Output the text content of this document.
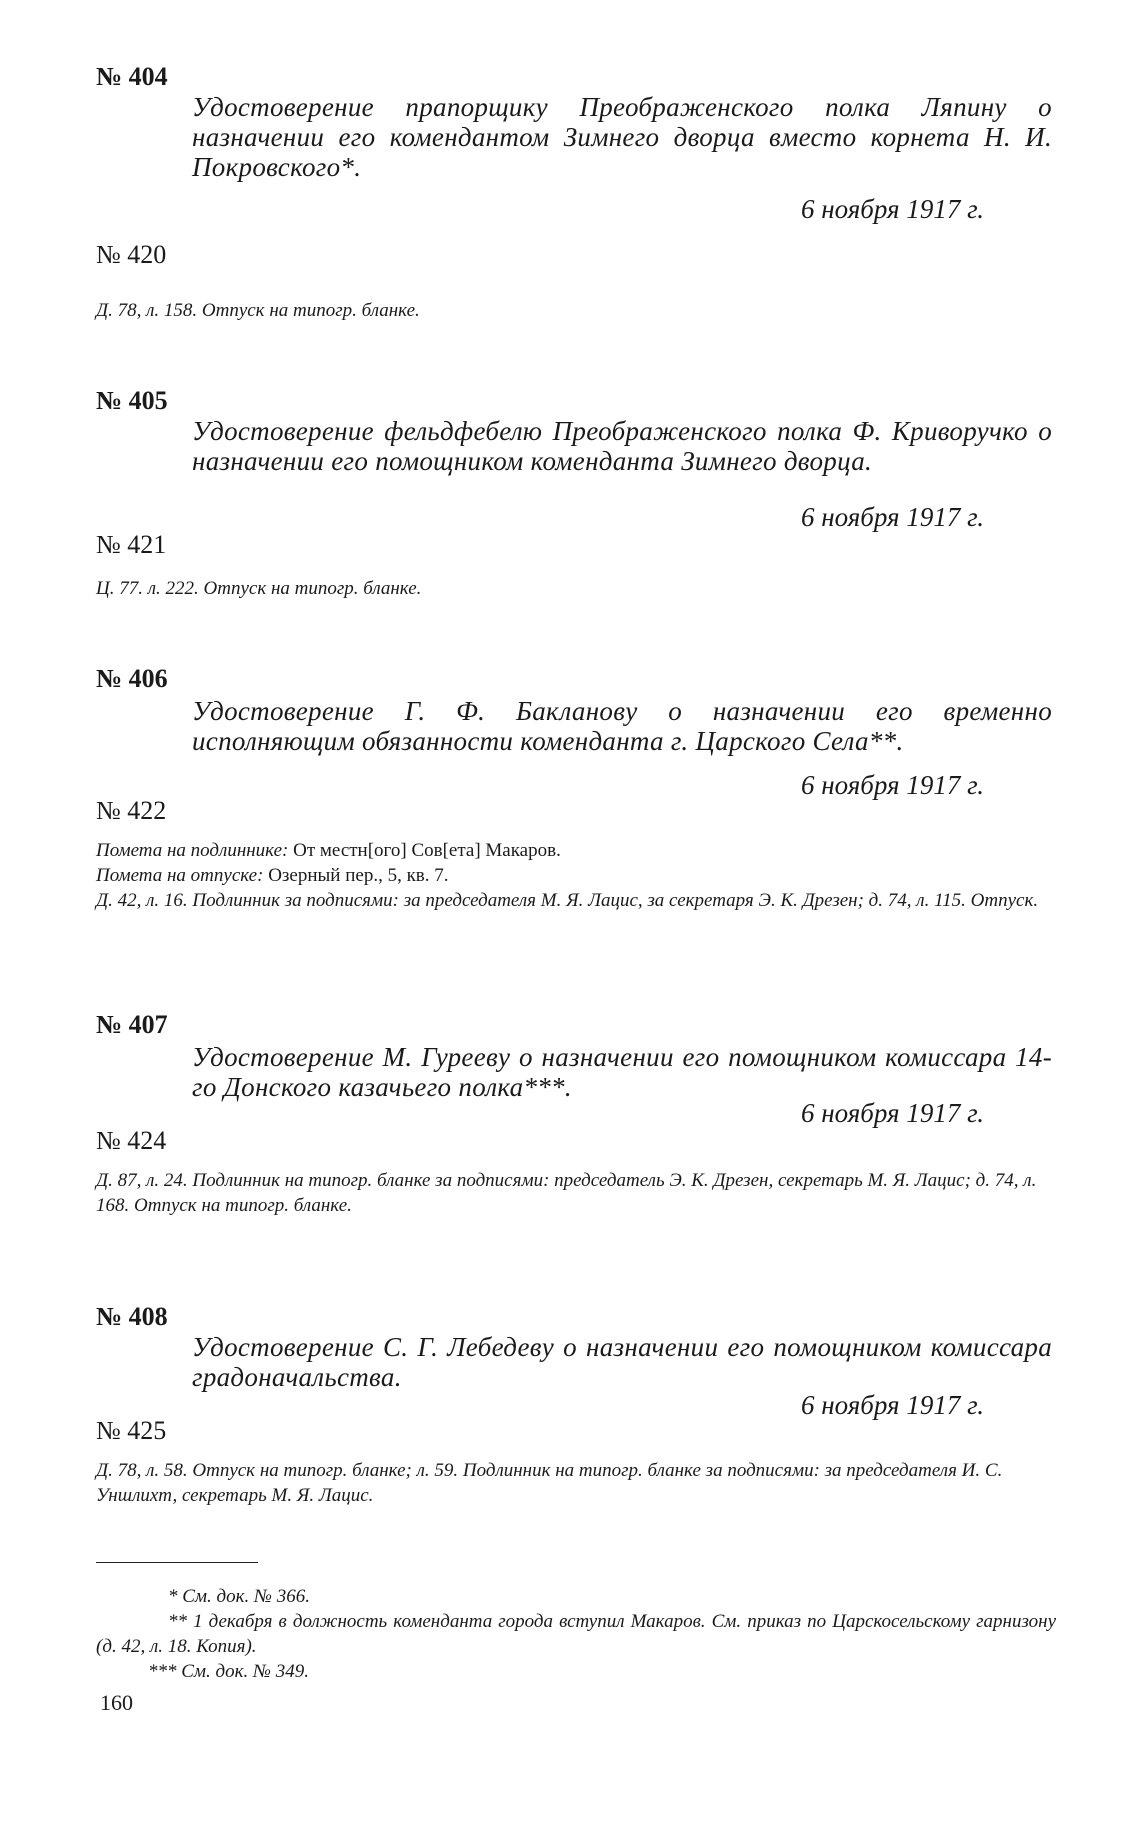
№ 404
Удостоверение прапорщику Преображенского полка Ляпину о назначении его комендантом Зимнего дворца вместо корнета Н. И. Покровского*.
6 ноября 1917 г.
№ 420
Д. 78, л. 158. Отпуск на типогр. бланке.
№ 405
Удостоверение фельдфебелю Преображенского полка Ф. Криворучко о назначении его помощником коменданта Зимнего дворца.
6 ноября 1917 г.
№ 421
Ц. 77. л. 222. Отпуск на типогр. бланке.
№ 406
Удостоверение Г. Ф. Бакланову о назначении его временно исполняющим обязанности коменданта г. Царского Села**.
6 ноября 1917 г.
№ 422
Помета на подлиннике: От местн[ого] Сов[ета] Макаров.
Помета на отпуске: Озерный пер., 5, кв. 7.
Д. 42, л. 16. Подлинник за подписями: за председателя М. Я. Лацис, за секретаря Э. К. Дрезен; д. 74, л. 115. Отпуск.
№ 407
Удостоверение М. Гурееву о назначении его помощником комиссара 14-го Донского казачьего полка***.
6 ноября 1917 г.
№ 424
Д. 87, л. 24. Подлинник на типогр. бланке за подписями: председатель Э. К. Дрезен, секретарь М. Я. Лацис; д. 74, л. 168. Отпуск на типогр. бланке.
№ 408
Удостоверение С. Г. Лебедеву о назначении его помощником комиссара градоначальства.
6 ноября 1917 г.
№ 425
Д. 78, л. 58. Отпуск на типогр. бланке; л. 59. Подлинник на типогр. бланке за подписями: за председателя И. С. Уншлихт, секретарь М. Я. Лацис.
* См. док. № 366.
** 1 декабря в должность коменданта города вступил Макаров. См. приказ по Царскосельскому гарнизону (д. 42, л. 18. Копия).
*** См. док. № 349.
160
